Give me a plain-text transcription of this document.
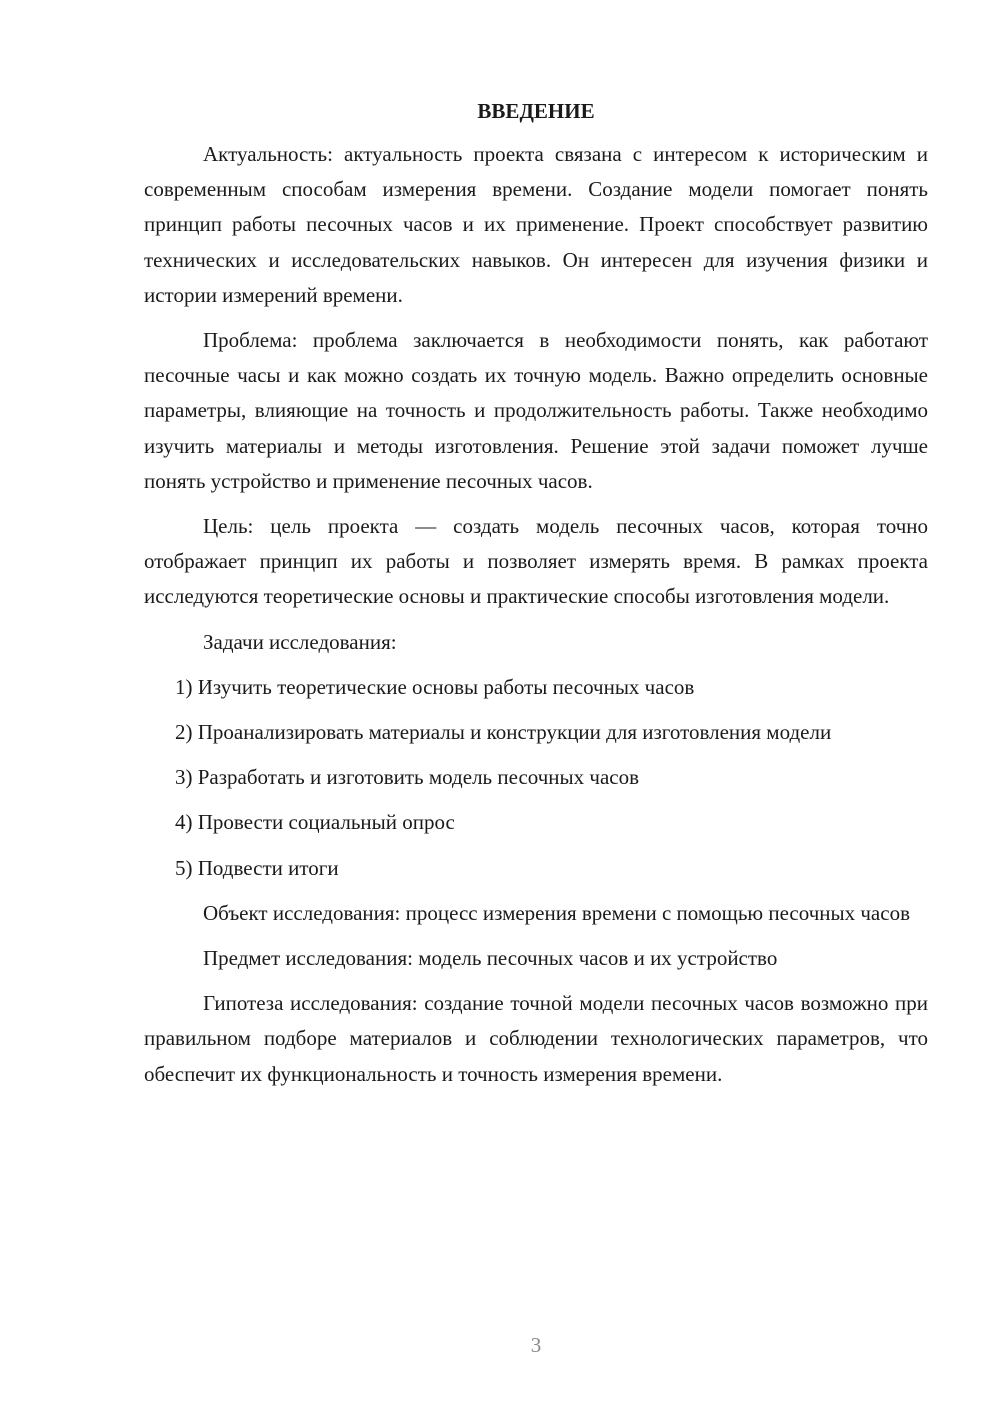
ВВЕДЕНИЕ

Актуальность: актуальность проекта связана с интересом к историческим и современным способам измерения времени. Создание модели помогает понять принцип работы песочных часов и их применение. Проект способствует развитию технических и исследовательских навыков. Он интересен для изучения физики и истории измерений времени.

Проблема: проблема заключается в необходимости понять, как работают песочные часы и как можно создать их точную модель. Важно определить основные параметры, влияющие на точность и продолжительность работы. Также необходимо изучить материалы и методы изготовления. Решение этой задачи поможет лучше понять устройство и применение песочных часов.

Цель: цель проекта — создать модель песочных часов, которая точно отображает принцип их работы и позволяет измерять время. В рамках проекта исследуются теоретические основы и практические способы изготовления модели.

Задачи исследования:

1) Изучить теоретические основы работы песочных часов

2) Проанализировать материалы и конструкции для изготовления модели

3) Разработать и изготовить модель песочных часов

4) Провести социальный опрос

5) Подвести итоги

Объект исследования: процесс измерения времени с помощью песочных часов

Предмет исследования: модель песочных часов и их устройство

Гипотеза исследования: создание точной модели песочных часов возможно при правильном подборе материалов и соблюдении технологических параметров, что обеспечит их функциональность и точность измерения времени.

3
